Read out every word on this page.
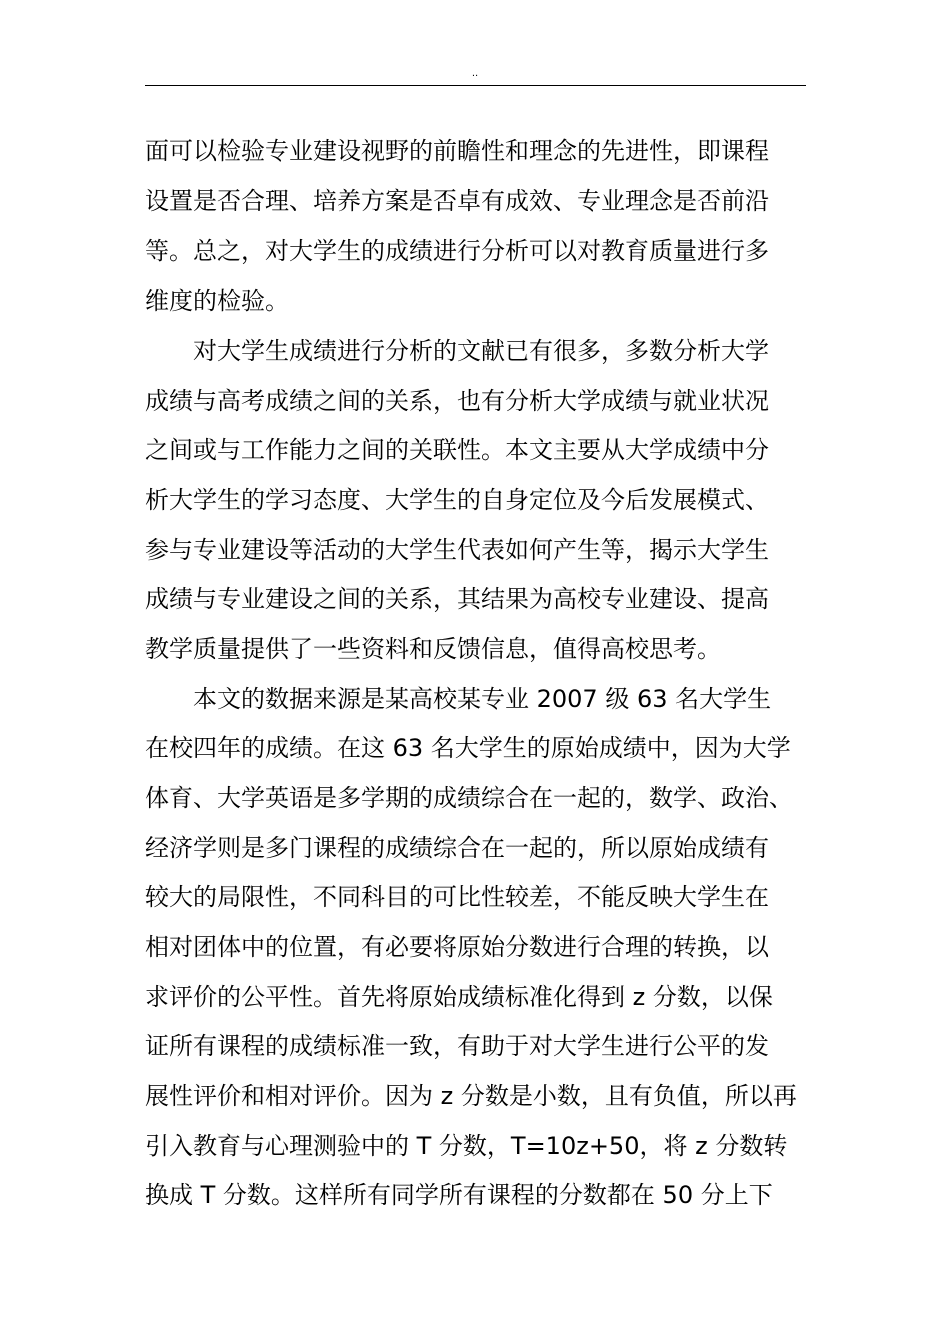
..
面可以检验专业建设视野的前瞻性和理念的先进性，即课程
设置是否合理、培养方案是否卓有成效、专业理念是否前沿
等。总之，对大学生的成绩进行分析可以对教育质量进行多
维度的检验。
　　对大学生成绩进行分析的文献已有很多，多数分析大学
成绩与高考成绩之间的关系，也有分析大学成绩与就业状况
之间或与工作能力之间的关联性。本文主要从大学成绩中分
析大学生的学习态度、大学生的自身定位及今后发展模式、
参与专业建设等活动的大学生代表如何产生等，揭示大学生
成绩与专业建设之间的关系，其结果为高校专业建设、提高
教学质量提供了一些资料和反馈信息，值得高校思考。
　　本文的数据来源是某高校某专业 2007 级 63 名大学生
在校四年的成绩。在这 63 名大学生的原始成绩中，因为大学
体育、大学英语是多学期的成绩综合在一起的，数学、政治、
经济学则是多门课程的成绩综合在一起的，所以原始成绩有
较大的局限性，不同科目的可比性较差，不能反映大学生在
相对团体中的位置，有必要将原始分数进行合理的转换，以
求评价的公平性。首先将原始成绩标准化得到 z 分数，以保
证所有课程的成绩标准一致，有助于对大学生进行公平的发
展性评价和相对评价。因为 z 分数是小数，且有负值，所以再
引入教育与心理测验中的 T 分数，T=10z+50，将 z 分数转
换成 T 分数。这样所有同学所有课程的分数都在 50 分上下
